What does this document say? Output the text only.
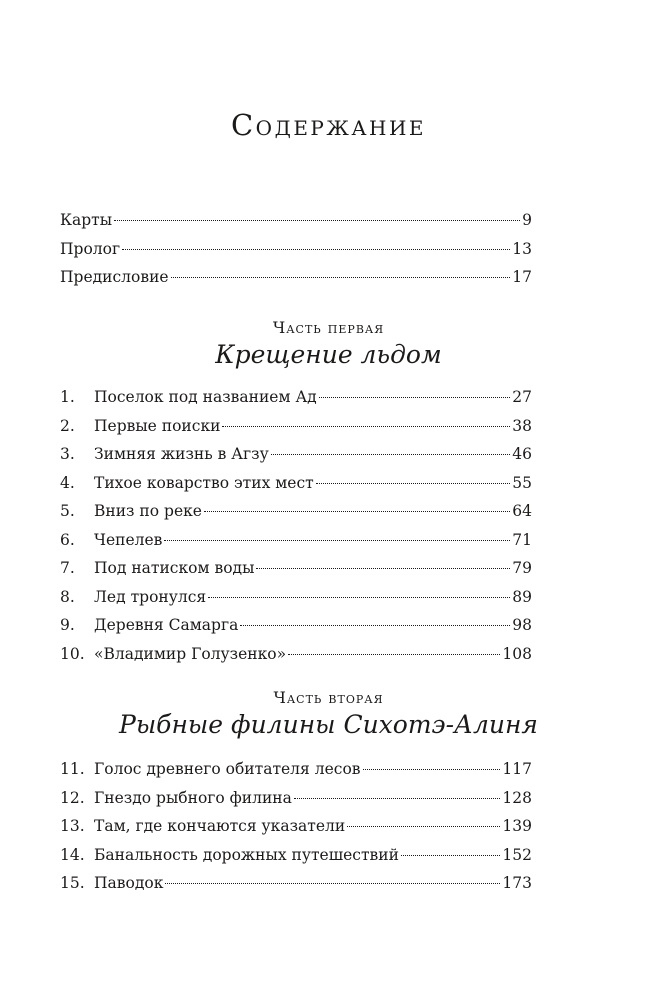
Содержание
Карты	9
Пролог	13
Предисловие	17
Часть первая
Крещение льдом
1.	Поселок под названием Ад	27
2.	Первые поиски	38
3.	Зимняя жизнь в Агзу	46
4.	Тихое коварство этих мест	55
5.	Вниз по реке	64
6.	Чепелев	71
7.	Под натиском воды	79
8.	Лед тронулся	89
9.	Деревня Самарга	98
10. «Владимир Голузенко»	108
Часть вторая
Рыбные филины Сихотэ-Алиня
11. Голос древнего обитателя лесов	117
12. Гнездо рыбного филина	128
13. Там, где кончаются указатели	139
14. Банальность дорожных путешествий	152
15. Паводок	173
